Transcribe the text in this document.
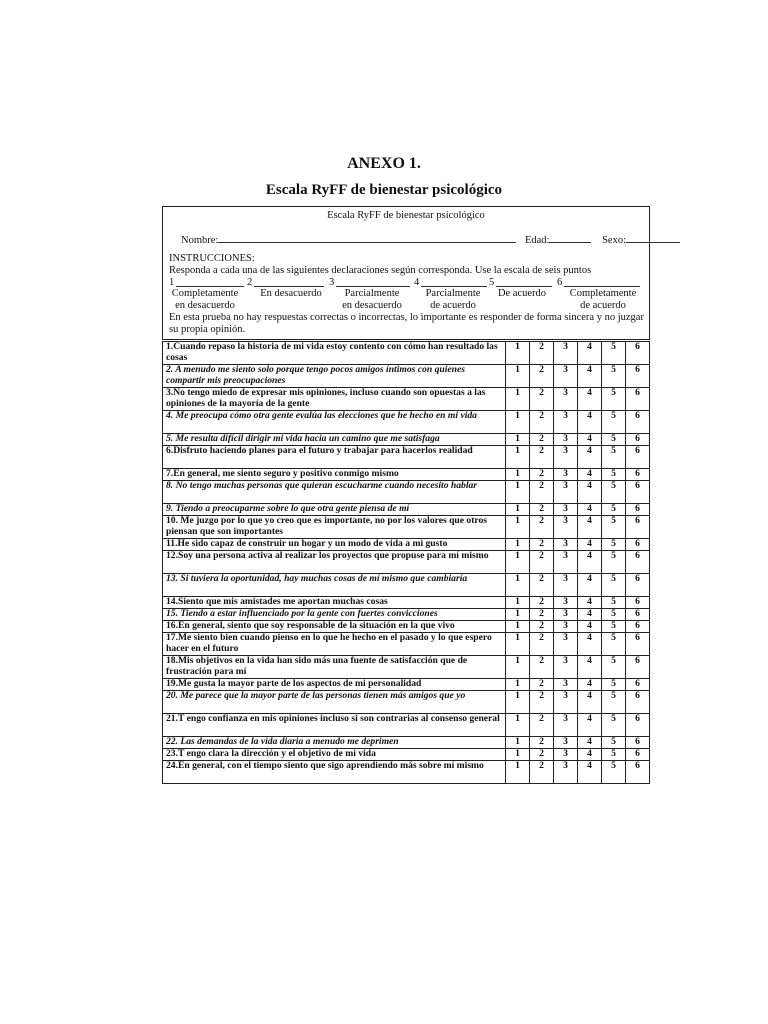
ANEXO 1.
Escala RyFF de bienestar psicológico
Escala RyFF de bienestar psicológico
Nombre:	Edad:	Sexo:
INSTRUCCIONES:
Responda a cada una de las siguientes declaraciones según corresponda. Use la escala de seis puntos
1	2	3	4	5	6
Completamente
en desacuerdo
En desacuerdo	Parcialmente
en desacuerdo
Parcialmente
de acuerdo
De acuerdo	Completamente
de acuerdo
En esta prueba no hay respuestas correctas o incorrectas, lo importante es responder de forma sincera y no juzgar su propia opinión.
1.Cuando repaso la historia de mi vida estoy contento con cómo han resultado las cosas	1	2	3	4	5	6
2. A menudo me siento solo porque tengo pocos amigos íntimos con quienes compartir mis preocupaciones	1	2	3	4	5	6
3.No tengo miedo de expresar mis opiniones, incluso cuando son opuestas a las opiniones de la mayoría de la gente	1	2	3	4	5	6
4. Me preocupa cómo otra gente evalúa las elecciones que he hecho en mi vida	1	2	3	4	5	6
5. Me resulta difícil dirigir mi vida hacia un camino que me satisfaga	1	2	3	4	5	6
6.Disfruto haciendo planes para el futuro y trabajar para hacerlos realidad	1	2	3	4	5	6
7.En general, me siento seguro y positivo conmigo mismo	1	2	3	4	5	6
8. No tengo muchas personas que quieran escucharme cuando necesito hablar	1	2	3	4	5	6
9. Tiendo a preocuparme sobre lo que otra gente piensa de mí	1	2	3	4	5	6
10. Me juzgo por lo que yo creo que es importante, no por los valores que otros piensan que son importantes	1	2	3	4	5	6
11.He sido capaz de construir un hogar y un modo de vida a mi gusto	1	2	3	4	5	6
12.Soy una persona activa al realizar los proyectos que propuse para mí mismo	1	2	3	4	5	6
13. Si tuviera la oportunidad, hay muchas cosas de mí mismo que cambiaría	1	2	3	4	5	6
14.Siento que mis amistades me aportan muchas cosas	1	2	3	4	5	6
15. Tiendo a estar influenciado por la gente con fuertes convicciones	1	2	3	4	5	6
16.En general, siento que soy responsable de la situación en la que vivo	1	2	3	4	5	6
17.Me siento bien cuando pienso en lo que he hecho en el pasado y lo que espero hacer en el futuro	1	2	3	4	5	6
18.Mis objetivos en la vida han sido más una fuente de satisfacción que de frustración para mí	1	2	3	4	5	6
19.Me gusta la mayor parte de los aspectos de mi personalidad	1	2	3	4	5	6
20. Me parece que la mayor parte de las personas tienen más amigos que yo	1	2	3	4	5	6
21.T engo confianza en mis opiniones incluso si son contrarias al consenso general	1	2	3	4	5	6
22. Las demandas de la vida diaria a menudo me deprimen	1	2	3	4	5	6
23.T engo clara la dirección y el objetivo de mi vida	1	2	3	4	5	6
24.En general, con el tiempo siento que sigo aprendiendo más sobre mí mismo	1	2	3	4	5	6
